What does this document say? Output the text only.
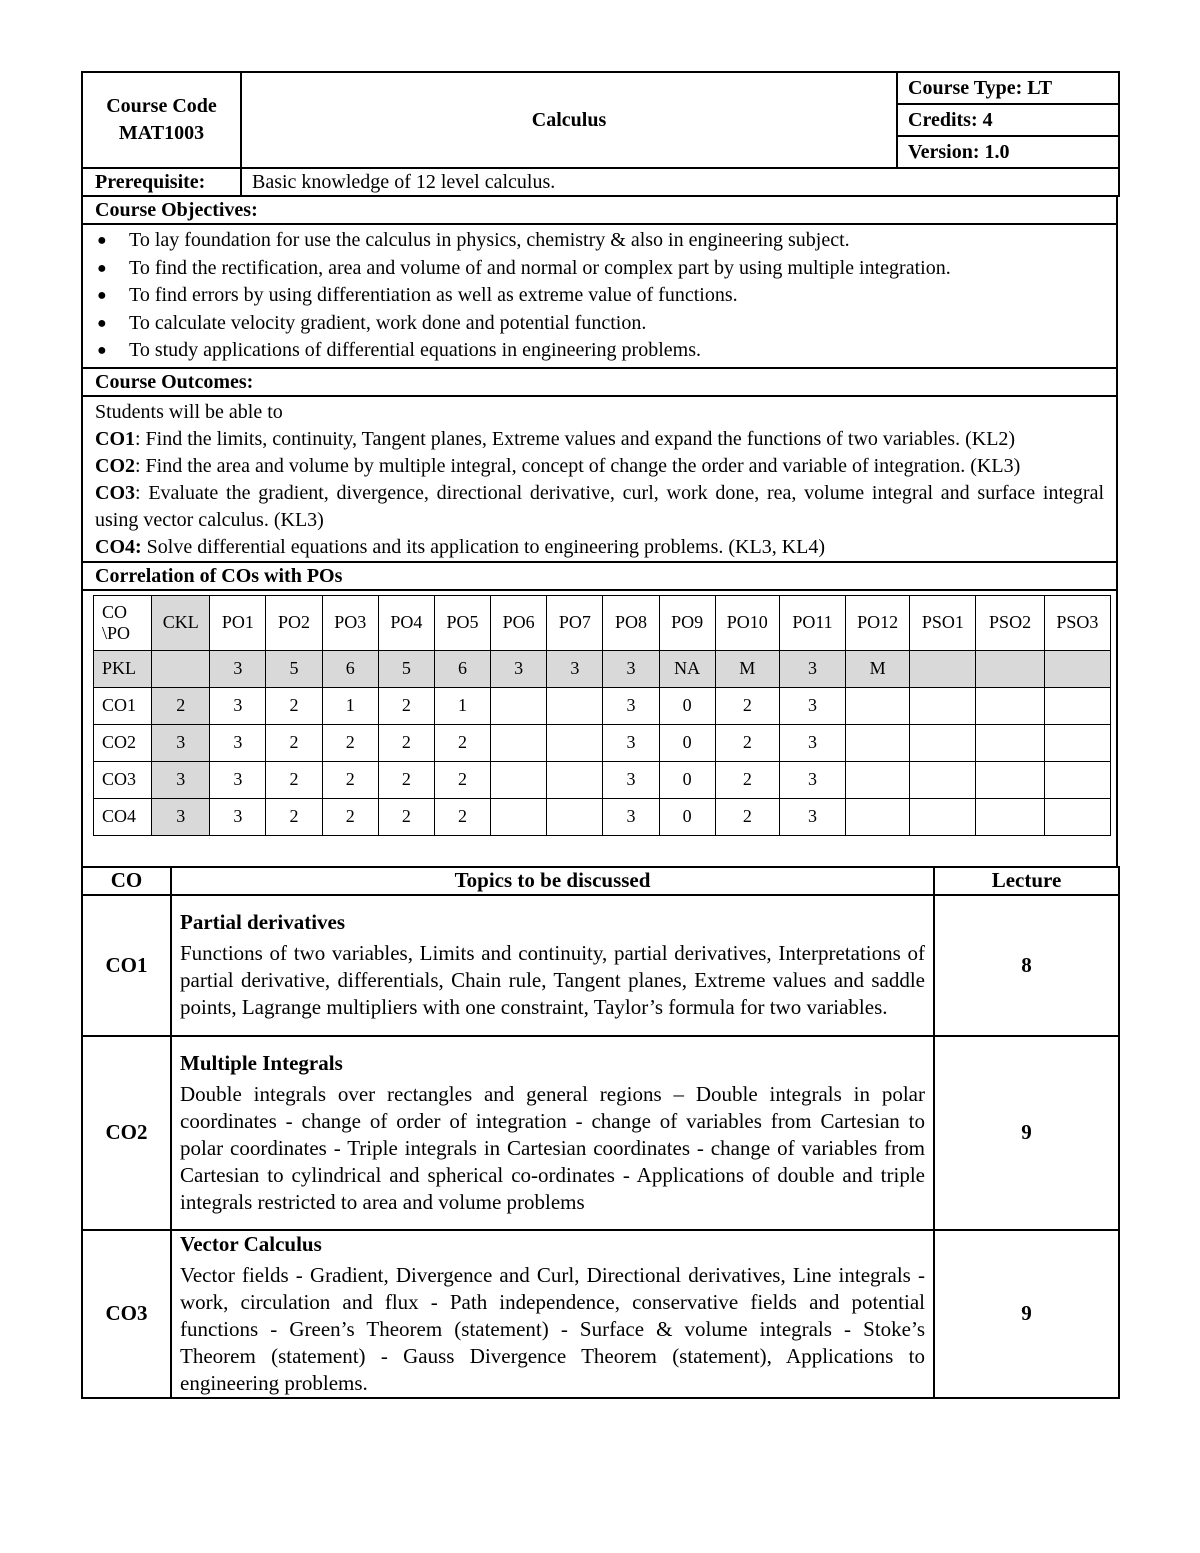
Course Code
MAT1003	Calculus	Course Type: LT
		Credits: 4
		Version: 1.0
Prerequisite:	Basic knowledge of 12 level calculus.	
Course Objectives:

● To lay foundation for use the calculus in physics, chemistry & also in engineering subject.
● To find the rectification, area and volume of and normal or complex part by using multiple integration.
● To find errors by using differentiation as well as extreme value of functions.
● To calculate velocity gradient, work done and potential function.
● To study applications of differential equations in engineering problems.

Course Outcomes:

Students will be able to

CO1: Find the limits, continuity, Tangent planes, Extreme values and expand the functions of two variables. (KL2)

CO2: Find the area and volume by multiple integral, concept of change the order and variable of integration. (KL3)

CO3: Evaluate the gradient, divergence, directional derivative, curl, work done, rea, volume integral and surface integral using vector calculus. (KL3)

CO4: Solve differential equations and its application to engineering problems. (KL3, KL4)

Correlation of COs with POs

CO \PO	CKL	PO1	PO2	PO3	PO4	PO5	PO6	PO7	PO8	PO9	PO10	PO11	PO12	PSO1	PSO2	PSO3
PKL		3	5	6	5	6	3	3	3	NA	M	3	M			
CO1	2	3	2	1	2	1			3	0	2	3				
CO2	3	3	2	2	2	2			3	0	2	3				
CO3	3	3	2	2	2	2			3	0	2	3				
CO4	3	3	2	2	2	2			3	0	2	3				
CO	Topics to be discussed	Lecture
CO1	Partial derivatives
Functions of two variables, Limits and continuity, partial derivatives, Interpretations of partial derivative, differentials, Chain rule, Tangent planes, Extreme values and saddle points, Lagrange multipliers with one constraint, Taylor’s formula for two variables.	8
CO2	Multiple Integrals
Double integrals over rectangles and general regions – Double integrals in polar coordinates - change of order of integration - change of variables from Cartesian to polar coordinates - Triple integrals in Cartesian coordinates - change of variables from Cartesian to cylindrical and spherical co-ordinates - Applications of double and triple integrals restricted to area and volume problems	9
CO3	Vector Calculus
Vector fields - Gradient, Divergence and Curl, Directional derivatives, Line integrals - work, circulation and flux - Path independence, conservative fields and potential functions - Green’s Theorem (statement) - Surface & volume integrals - Stoke’s Theorem (statement) - Gauss Divergence Theorem (statement), Applications to engineering problems.	9
